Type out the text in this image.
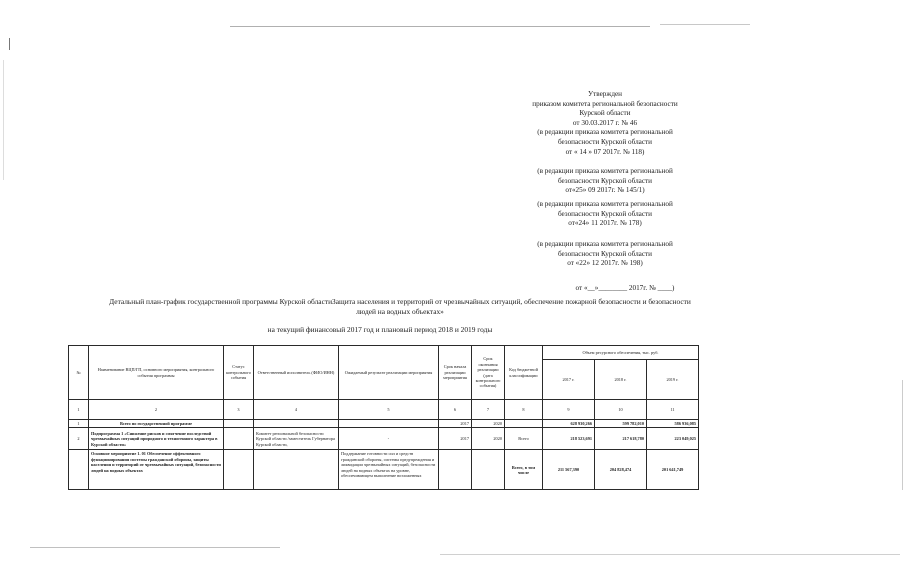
Утвержден
приказом комитета региональной безопасности
Курской области
от 30.03.2017 г. № 46
(в редакции приказа комитета региональной
безопасности Курской области
от « 14 » 07 2017г. № 118)
(в редакции приказа комитета региональной
безопасности Курской области
от«25» 09 2017г. № 145/1)
(в редакции приказа комитета региональной
безопасности Курской области
от«24» 11 2017г. № 178)
(в редакции приказа комитета региональной
безопасности Курской области
от «22» 12 2017г. № 198)
от «__»________ 2017г. № ____)
Детальный план-график государственной программы Курской областиЗащита населения и территорий от чрезвычайных ситуаций, обеспечение пожарной безопасности и безопасности
людей на водных объектах»
на текущий финансовый 2017 год и плановый период 2018 и 2019 годы
№	Наименование ВЦП/ГП, основного мероприятия, контрольного события программы	Статус контрольного события	Ответственный исполнитель (ФИО/ИНН)	Ожидаемый результат реализации мероприятия	Срок начала реализации мероприятия	Срок окончания реализации (дата контрольного события)	Код бюджетной классификации	Объем ресурсного обеспечения, тыс. руб.		
								2017 г.	2018 г.	2019 г.
1	2	3	4	5	6	7	8	9	10	11
1	Всего по государственной программе				2017	2020		628 930,266	599 782,010	586 936,085
2	Подпрограмма 1 «Снижение рисков и смягчение последствий чрезвычайных ситуаций природного и техногенного характера в Курской области»		Комитет региональной безопасности Курской области /заместитель Губернатора Курской области,	-	2017	2020	Всего	218 523,691	217 618,780	223 049,025
	Основное мероприятие 1. 01 Обеспечение эффективного функционирования системы гражданской обороны, защиты населения и территорий от чрезвычайных ситуаций, безопасности людей на водных объектах			Поддержание готовности сил и средств гражданской обороны, системы предупреждения и ликвидации чрезвычайных ситуаций, безопасности людей на водных объектах на уровне, обеспечивающем выполнение возложенных			Всего, в том числе	211 567,390	204 828,474	201 641,749
